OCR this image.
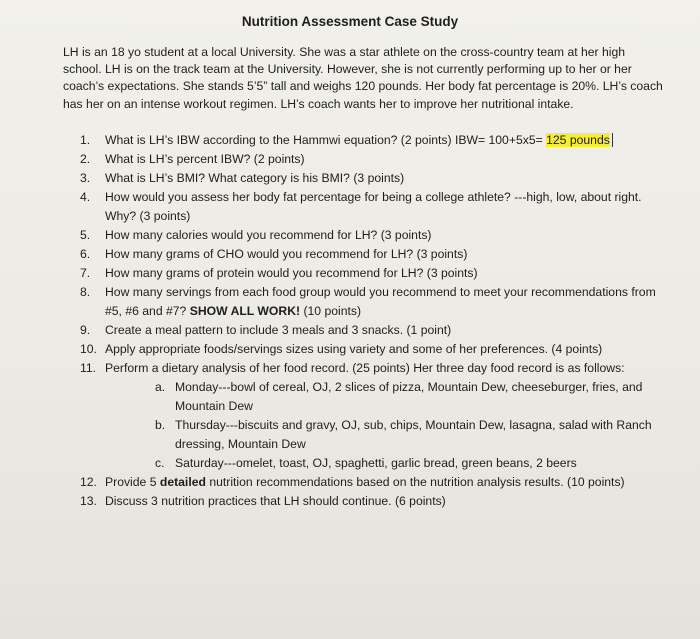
Nutrition Assessment Case Study

LH is an 18 yo student at a local University. She was a star athlete on the cross-country team at her high school. LH is on the track team at the University. However, she is not currently performing up to her or her coach’s expectations. She stands 5’5” tall and weighs 120 pounds. Her body fat percentage is 20%. LH’s coach has her on an intense workout regimen. LH’s coach wants her to improve her nutritional intake.

1. What is LH’s IBW according to the Hammwi equation? (2 points) IBW= 100+5x5= 125 pounds
2. What is LH’s percent IBW? (2 points)
3. What is LH’s BMI? What category is his BMI? (3 points)
4. How would you assess her body fat percentage for being a college athlete? ---high, low, about right. Why? (3 points)
5. How many calories would you recommend for LH? (3 points)
6. How many grams of CHO would you recommend for LH? (3 points)
7. How many grams of protein would you recommend for LH? (3 points)
8. How many servings from each food group would you recommend to meet your recommendations from #5, #6 and #7? SHOW ALL WORK! (10 points)
9. Create a meal pattern to include 3 meals and 3 snacks. (1 point)
10. Apply appropriate foods/servings sizes using variety and some of her preferences. (4 points)
11. Perform a dietary analysis of her food record. (25 points) Her three day food record is as follows:
a. Monday---bowl of cereal, OJ, 2 slices of pizza, Mountain Dew, cheeseburger, fries, and Mountain Dew
b. Thursday---biscuits and gravy, OJ, sub, chips, Mountain Dew, lasagna, salad with Ranch dressing, Mountain Dew
c. Saturday---omelet, toast, OJ, spaghetti, garlic bread, green beans, 2 beers
12. Provide 5 detailed nutrition recommendations based on the nutrition analysis results. (10 points)
13. Discuss 3 nutrition practices that LH should continue. (6 points)
